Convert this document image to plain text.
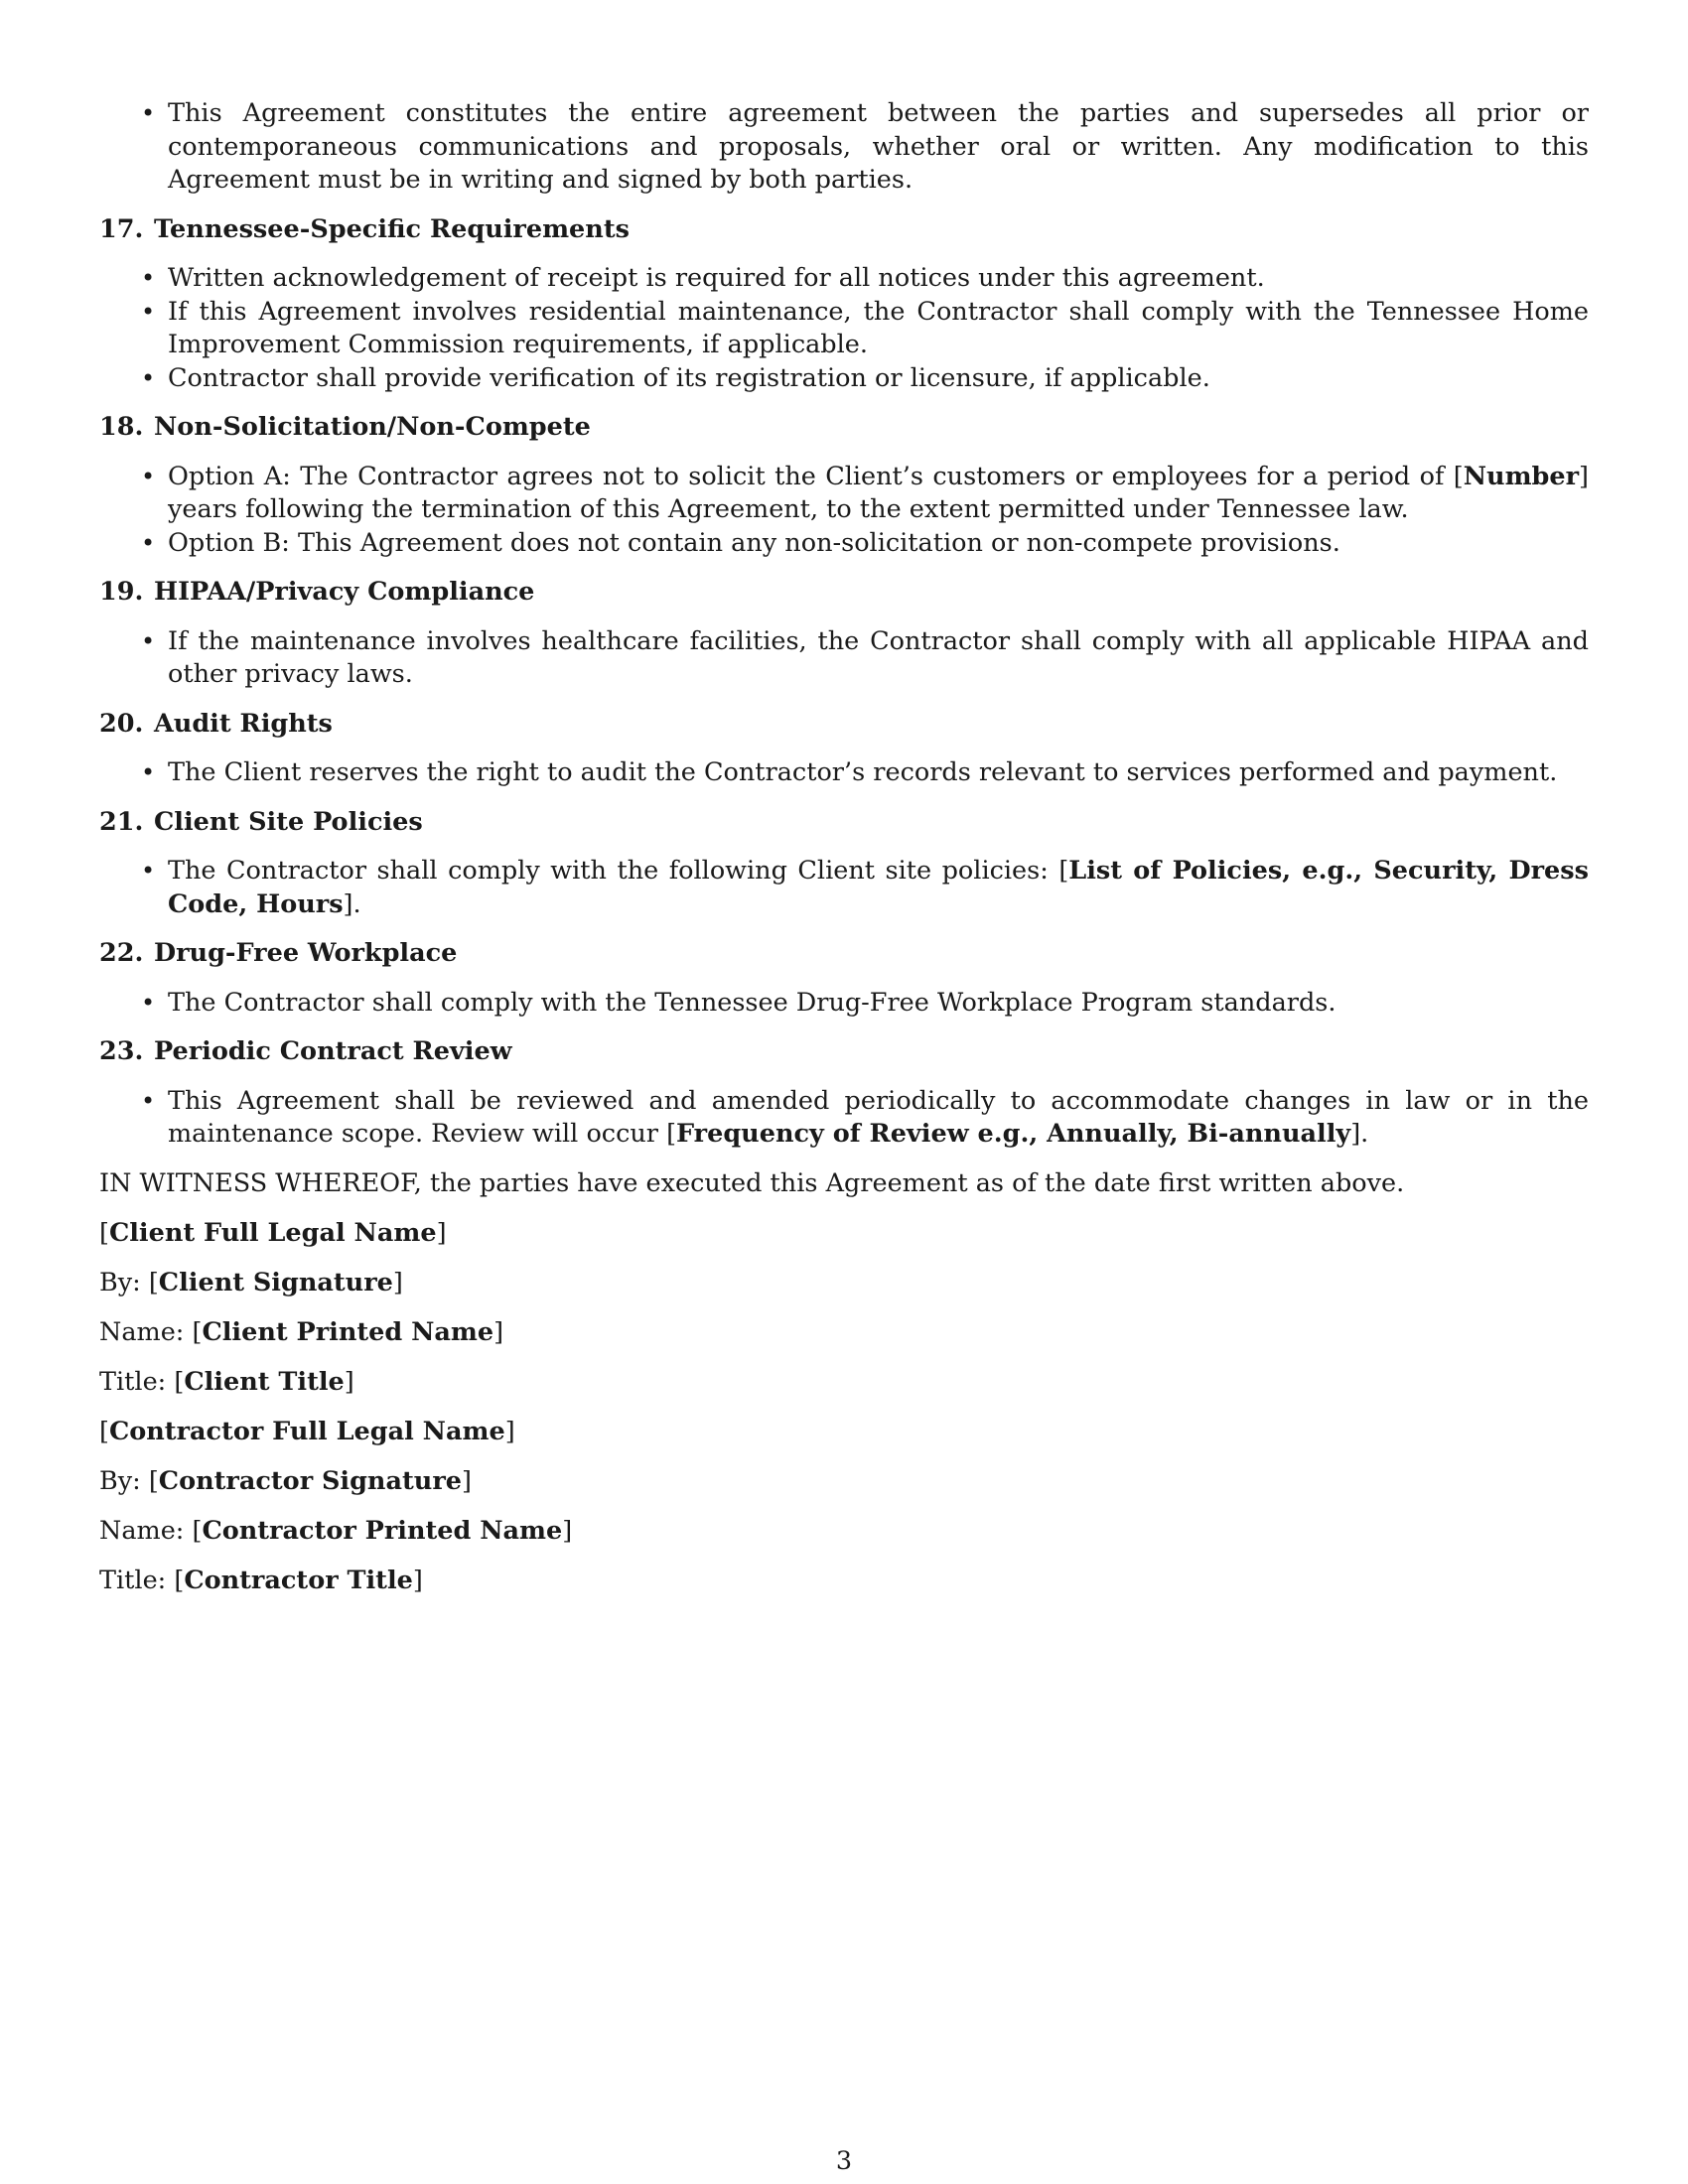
• This Agreement constitutes the entire agreement between the parties and supersedes all prior or contemporaneous communications and proposals, whether oral or written. Any modification to this Agreement must be in writing and signed by both parties.
17. Tennessee-Specific Requirements
• Written acknowledgement of receipt is required for all notices under this agreement.
• If this Agreement involves residential maintenance, the Contractor shall comply with the Tennessee Home Improvement Commission requirements, if applicable.
• Contractor shall provide verification of its registration or licensure, if applicable.
18. Non-Solicitation/Non-Compete
• Option A: The Contractor agrees not to solicit the Client’s customers or employees for a period of [Number] years following the termination of this Agreement, to the extent permitted under Tennessee law.
• Option B: This Agreement does not contain any non-solicitation or non-compete provisions.
19. HIPAA/Privacy Compliance
• If the maintenance involves healthcare facilities, the Contractor shall comply with all applicable HIPAA and other privacy laws.
20. Audit Rights
• The Client reserves the right to audit the Contractor’s records relevant to services performed and payment.
21. Client Site Policies
• The Contractor shall comply with the following Client site policies: [List of Policies, e.g., Security, Dress Code, Hours].
22. Drug-Free Workplace
• The Contractor shall comply with the Tennessee Drug-Free Workplace Program standards.
23. Periodic Contract Review
• This Agreement shall be reviewed and amended periodically to accommodate changes in law or in the maintenance scope. Review will occur [Frequency of Review e.g., Annually, Bi-annually].
IN WITNESS WHEREOF, the parties have executed this Agreement as of the date first written above.
[Client Full Legal Name]
By: [Client Signature]
Name: [Client Printed Name]
Title: [Client Title]
[Contractor Full Legal Name]
By: [Contractor Signature]
Name: [Contractor Printed Name]
Title: [Contractor Title]
3
